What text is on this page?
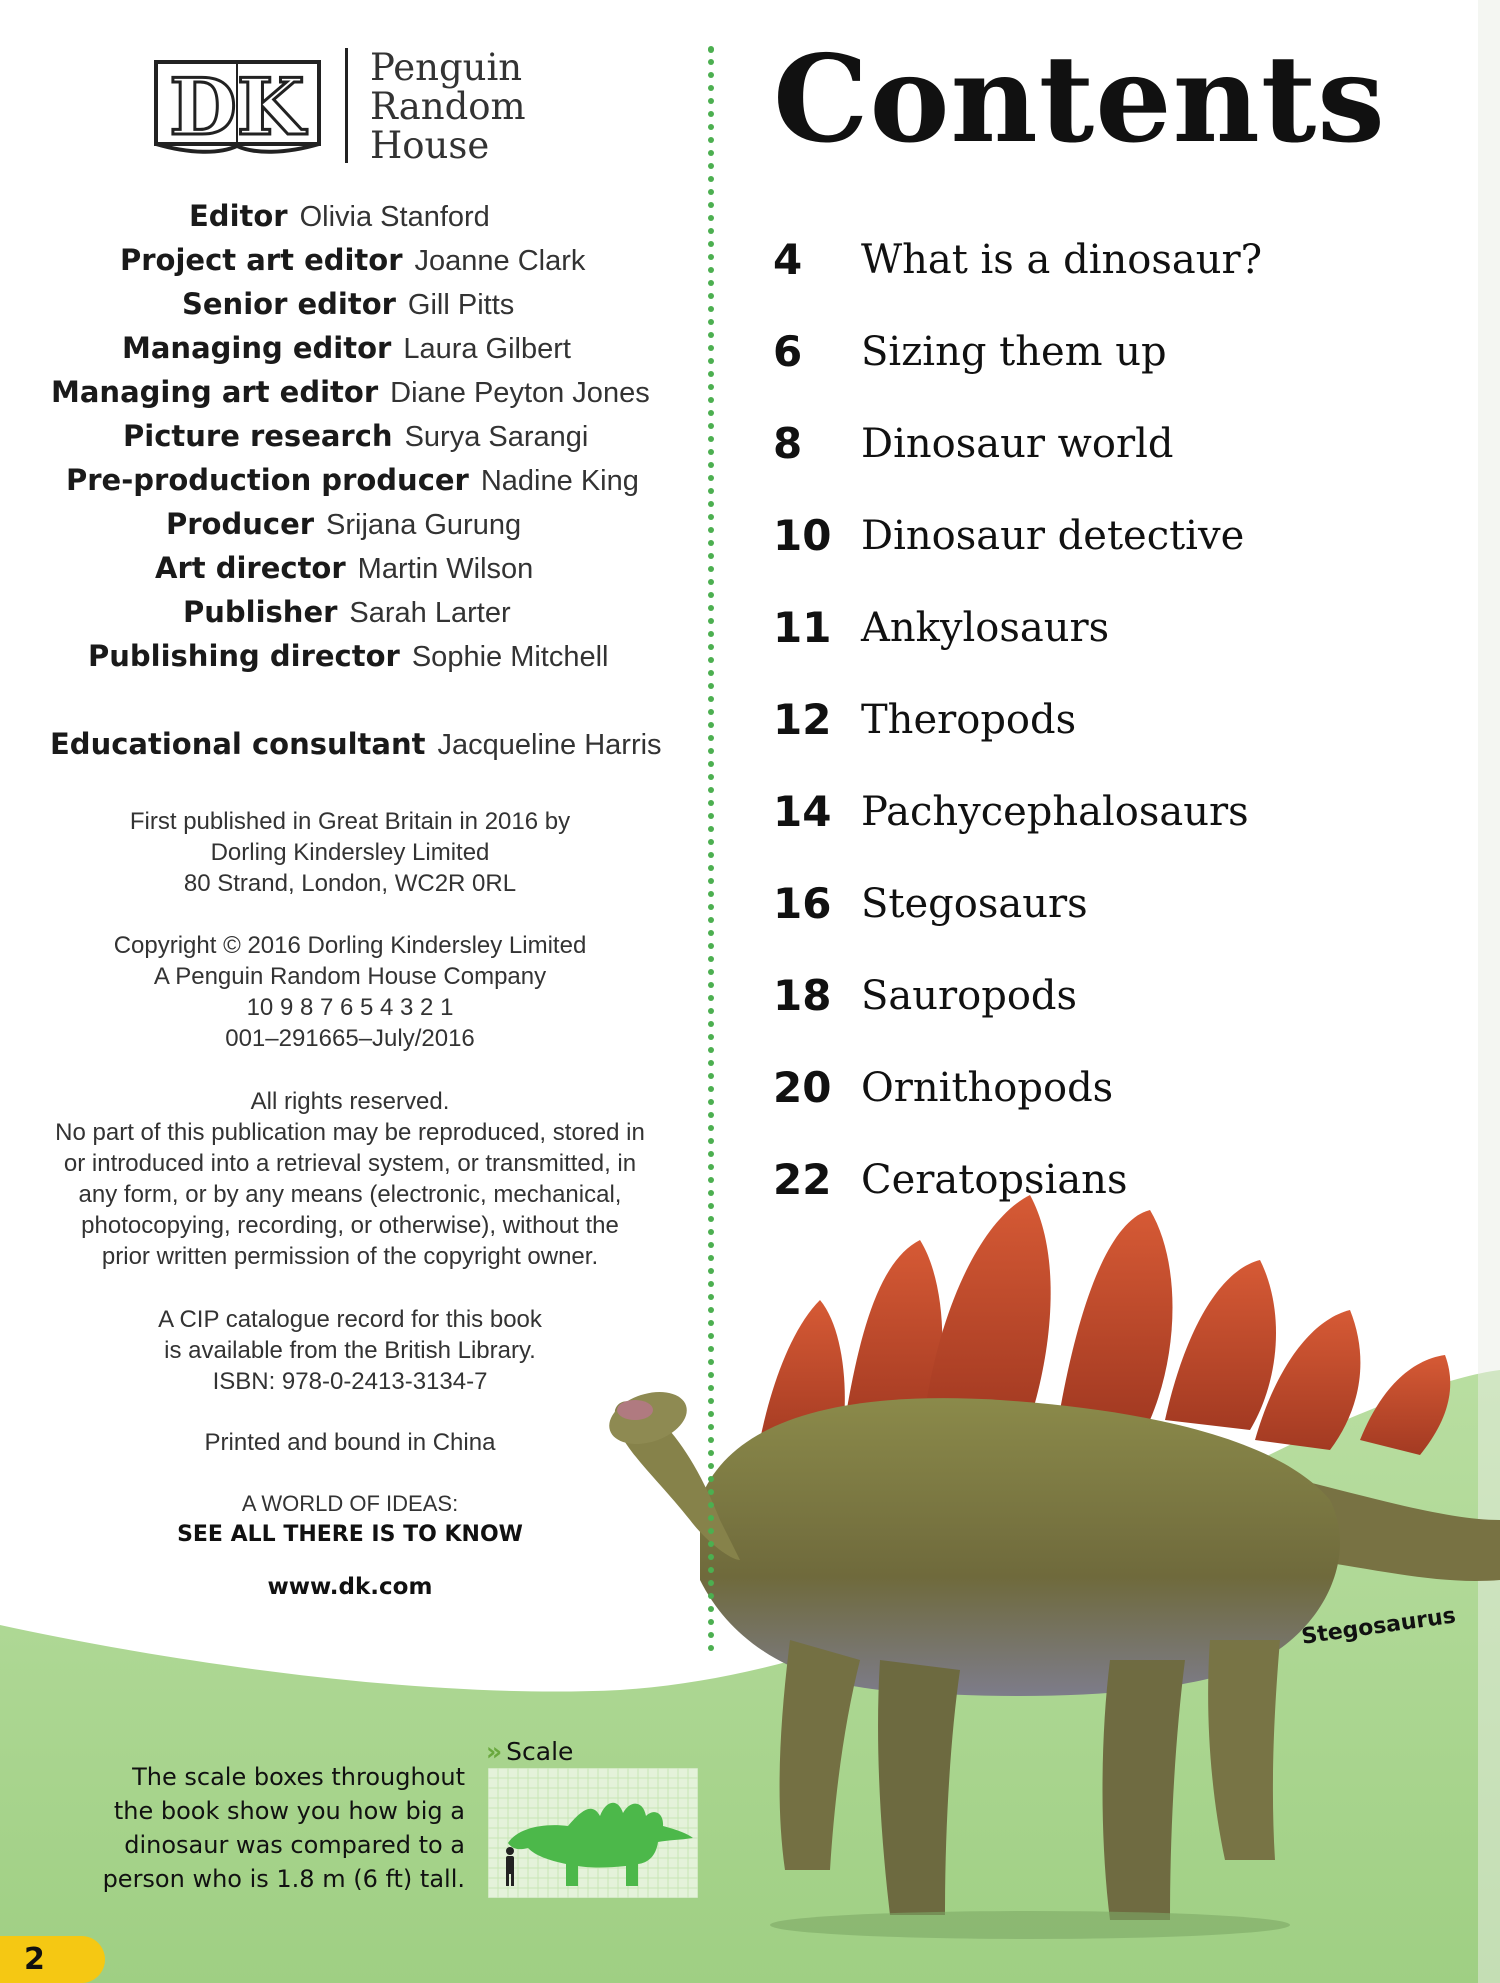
DK Penguin
Random
House
Editor Olivia Stanford
Project art editor Joanne Clark
Senior editor Gill Pitts
Managing editor Laura Gilbert
Managing art editor Diane Peyton Jones
Picture research Surya Sarangi
Pre-production producer Nadine King
Producer Srijana Gurung
Art director Martin Wilson
Publisher Sarah Larter
Publishing director Sophie Mitchell
Educational consultant Jacqueline Harris
First published in Great Britain in 2016 by
Dorling Kindersley Limited
80 Strand, London, WC2R 0RL
Copyright © 2016 Dorling Kindersley Limited
A Penguin Random House Company
10 9 8 7 6 5 4 3 2 1
001–291665–July/2016
All rights reserved.
No part of this publication may be reproduced, stored in
or introduced into a retrieval system, or transmitted, in
any form, or by any means (electronic, mechanical,
photocopying, recording, or otherwise), without the
prior written permission of the copyright owner.
A CIP catalogue record for this book
is available from the British Library.
ISBN: 978-0-2413-3134-7
Printed and bound in China
A WORLD OF IDEAS:
SEE ALL THERE IS TO KNOW
www.dk.com
Contents
4 What is a dinosaur?
6 Sizing them up
8 Dinosaur world
10 Dinosaur detective
11 Ankylosaurs
12 Theropods
14 Pachycephalosaurs
16 Stegosaurs
18 Sauropods
20 Ornithopods
22 Ceratopsians
Stegosaurus
The scale boxes throughout
the book show you how big a
dinosaur was compared to a
person who is 1.8 m (6 ft) tall.
» Scale
2
